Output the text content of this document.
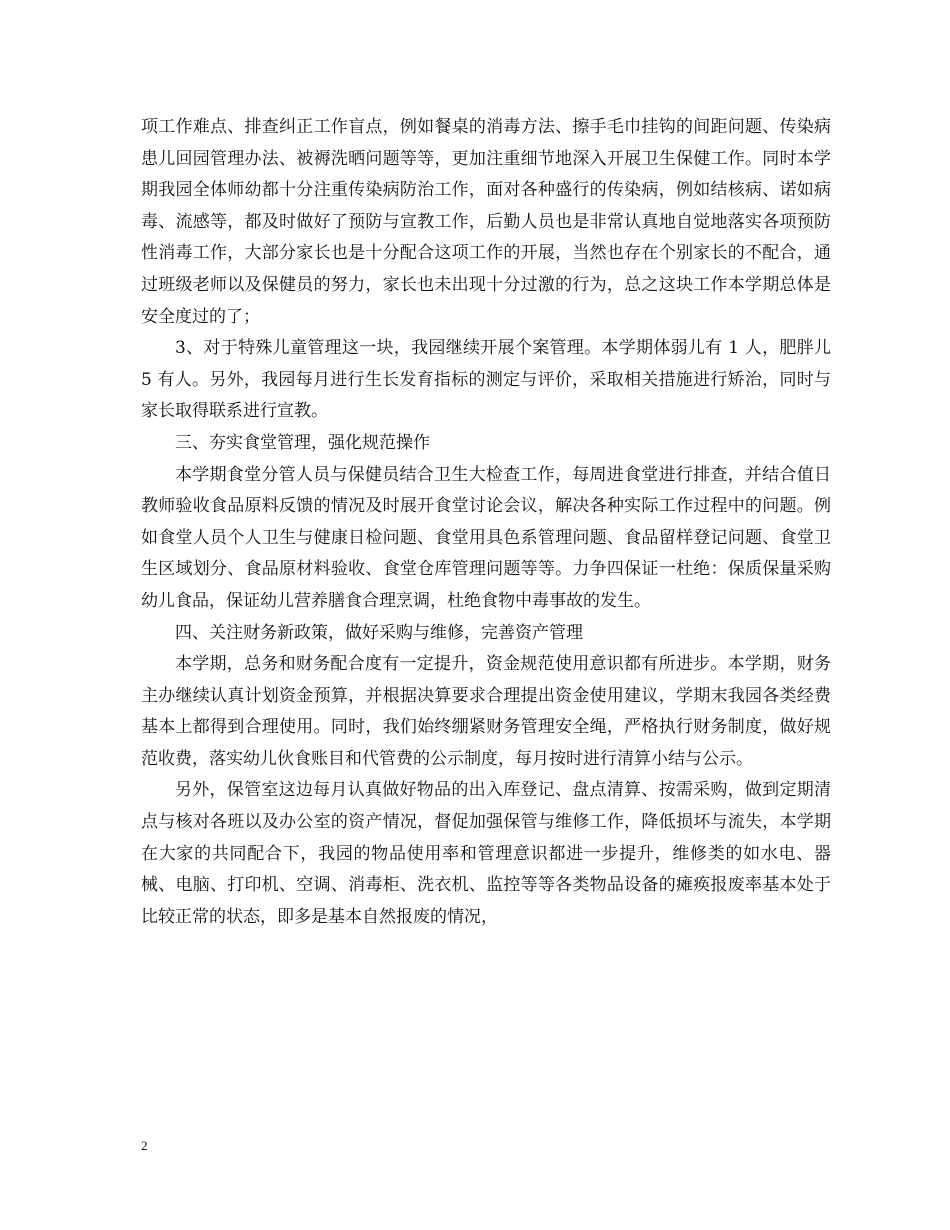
项工作难点、排查纠正工作盲点，例如餐桌的消毒方法、擦手毛巾挂钩的间距问题、传染病患儿回园管理办法、被褥洗晒问题等等，更加注重细节地深入开展卫生保健工作。同时本学期我园全体师幼都十分注重传染病防治工作，面对各种盛行的传染病，例如结核病、诺如病毒、流感等，都及时做好了预防与宣教工作，后勤人员也是非常认真地自觉地落实各项预防性消毒工作，大部分家长也是十分配合这项工作的开展，当然也存在个别家长的不配合，通过班级老师以及保健员的努力，家长也未出现十分过激的行为，总之这块工作本学期总体是安全度过的了；

3、对于特殊儿童管理这一块，我园继续开展个案管理。本学期体弱儿有 1 人，肥胖儿 5 有人。另外，我园每月进行生长发育指标的测定与评价，采取相关措施进行矫治，同时与家长取得联系进行宣教。

三、夯实食堂管理，强化规范操作

本学期食堂分管人员与保健员结合卫生大检查工作，每周进食堂进行排查，并结合值日教师验收食品原料反馈的情况及时展开食堂讨论会议，解决各种实际工作过程中的问题。例如食堂人员个人卫生与健康日检问题、食堂用具色系管理问题、食品留样登记问题、食堂卫生区域划分、食品原材料验收、食堂仓库管理问题等等。力争四保证一杜绝：保质保量采购幼儿食品，保证幼儿营养膳食合理烹调，杜绝食物中毒事故的发生。

四、关注财务新政策，做好采购与维修，完善资产管理

本学期，总务和财务配合度有一定提升，资金规范使用意识都有所进步。本学期，财务主办继续认真计划资金预算，并根据决算要求合理提出资金使用建议，学期末我园各类经费基本上都得到合理使用。同时，我们始终绷紧财务管理安全绳，严格执行财务制度，做好规范收费，落实幼儿伙食账目和代管费的公示制度，每月按时进行清算小结与公示。

另外，保管室这边每月认真做好物品的出入库登记、盘点清算、按需采购，做到定期清点与核对各班以及办公室的资产情况，督促加强保管与维修工作，降低损坏与流失，本学期在大家的共同配合下，我园的物品使用率和管理意识都进一步提升，维修类的如水电、器械、电脑、打印机、空调、消毒柜、洗衣机、监控等等各类物品设备的瘫痪报废率基本处于比较正常的状态，即多是基本自然报废的情况，

2
